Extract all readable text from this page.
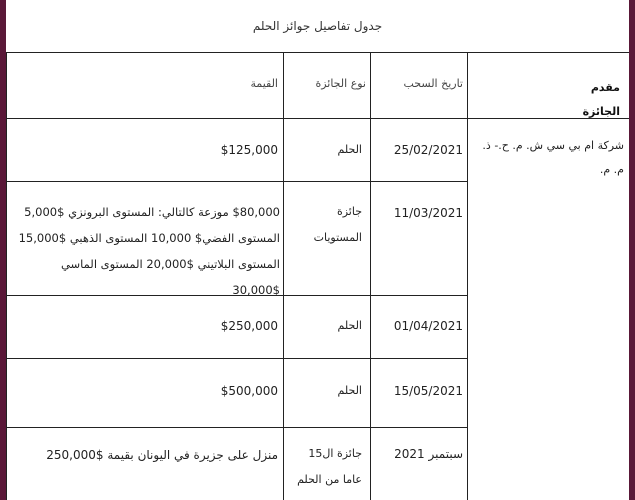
جدول تفاصيل جوائز الحلم
مقدم الجائزة
تاريخ السحب
نوع الجائزة
القيمة
شركة ام بي سي ش. م. ح.- ذ. م. م.
25/02/2021
الحلم
$125,000
11/03/2021
جائزة المستويات
$80,000 موزعة كالتالي: المستوى البرونزي $5,000 المستوى الفضي$ 10,000 المستوى الذهبي $15,000 المستوى البلاتيني $20,000 المستوى الماسي $30,000
01/04/2021
الحلم
$250,000
15/05/2021
الحلم
$500,000
سبتمبر 2021
جائزة ال15 عاما من الحلم
منزل على جزيرة في اليونان بقيمة $250,000
